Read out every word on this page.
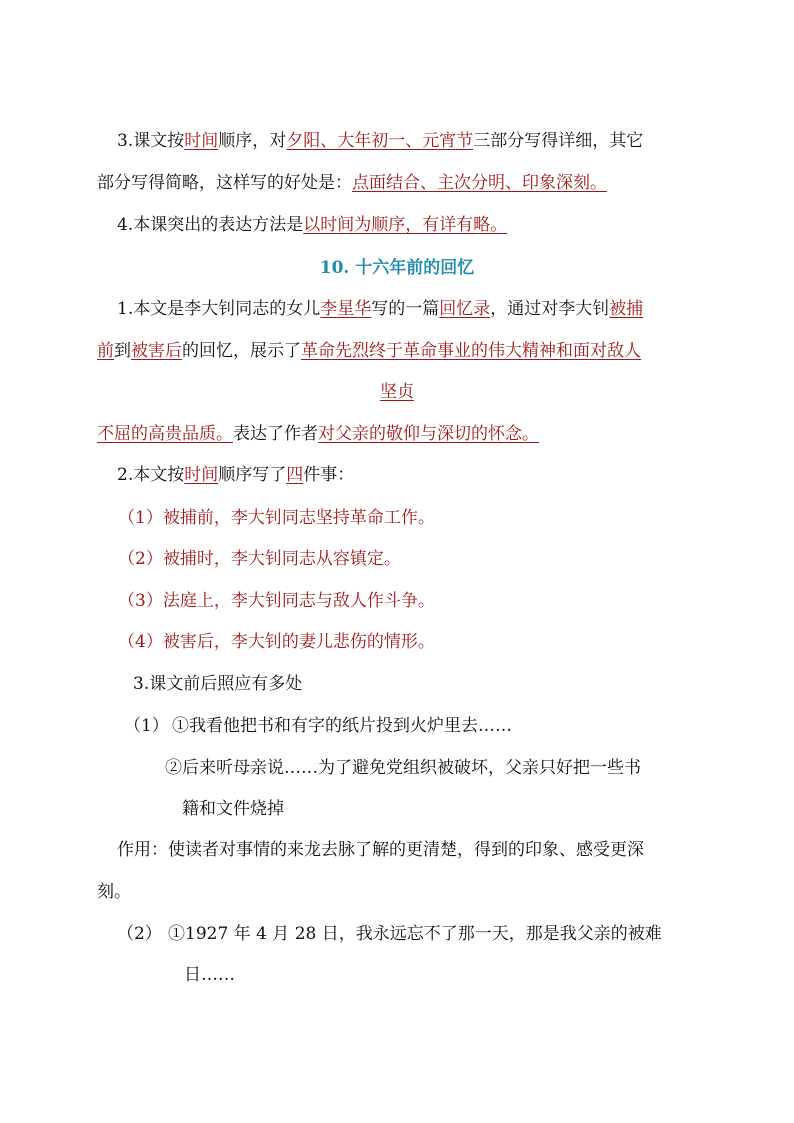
3.课文按时间顺序，对夕阳、大年初一、元宵节三部分写得详细，其它
部分写得简略，这样写的好处是：点面结合、主次分明、印象深刻。
4.本课突出的表达方法是以时间为顺序，有详有略。
10. 十六年前的回忆
1.本文是李大钊同志的女儿李星华写的一篇回忆录，通过对李大钊被捕
前到被害后的回忆，展示了革命先烈终于革命事业的伟大精神和面对敌人
坚贞
不屈的高贵品质。表达了作者对父亲的敬仰与深切的怀念。
2.本文按时间顺序写了四件事：
（1）被捕前，李大钊同志坚持革命工作。
（2）被捕时，李大钊同志从容镇定。
（3）法庭上，李大钊同志与敌人作斗争。
（4）被害后，李大钊的妻儿悲伤的情形。
3.课文前后照应有多处
（1） ①我看他把书和有字的纸片投到火炉里去……
②后来听母亲说……为了避免党组织被破坏，父亲只好把一些书
籍和文件烧掉
作用：使读者对事情的来龙去脉了解的更清楚，得到的印象、感受更深
刻。
（2） ①1927 年 4 月 28 日，我永远忘不了那一天，那是我父亲的被难
日……
